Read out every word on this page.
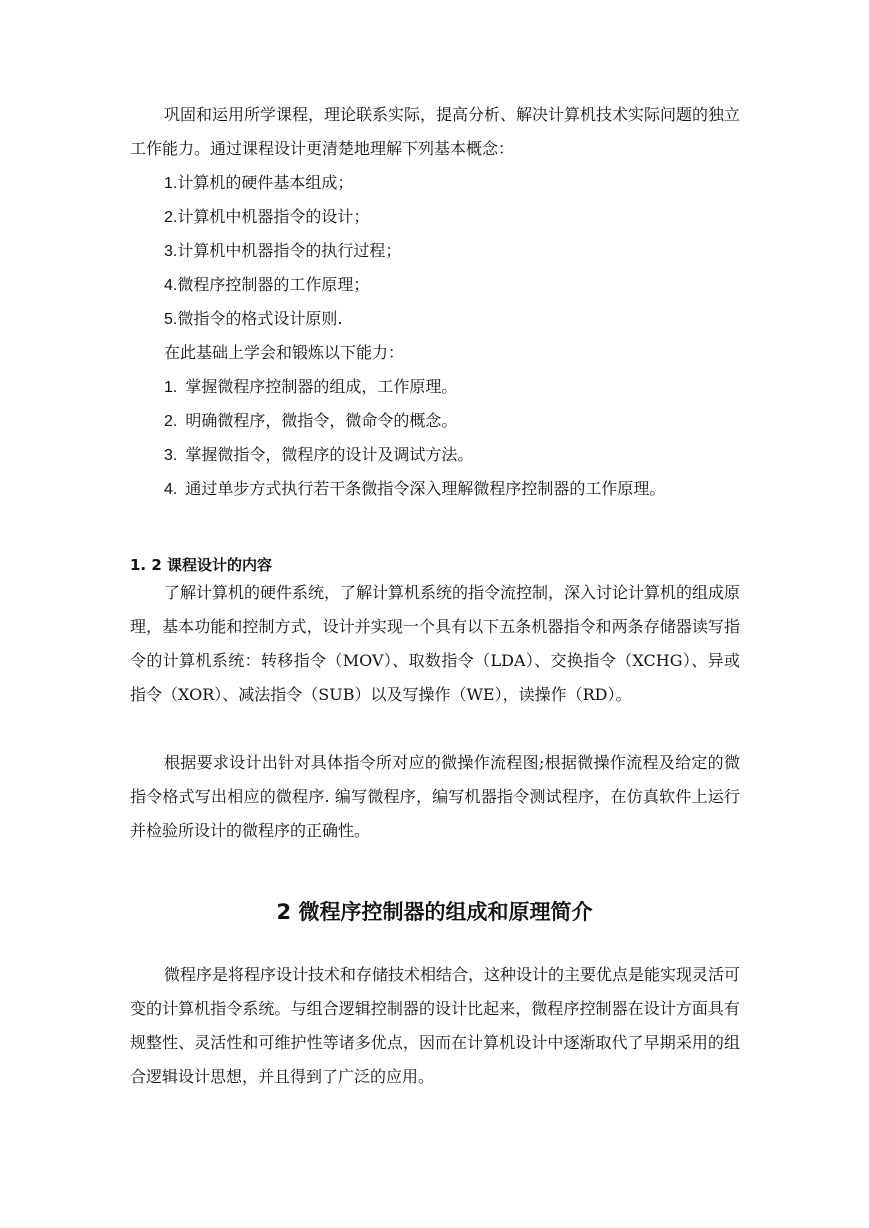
巩固和运用所学课程，理论联系实际，提高分析、解决计算机技术实际问题的独立工作能力。通过课程设计更清楚地理解下列基本概念：

1.计算机的硬件基本组成；

2.计算机中机器指令的设计；

3.计算机中机器指令的执行过程；

4.微程序控制器的工作原理；

5.微指令的格式设计原则.

在此基础上学会和锻炼以下能力：

1. 掌握微程序控制器的组成，工作原理。

2. 明确微程序，微指令，微命令的概念。

3. 掌握微指令，微程序的设计及调试方法。

4. 通过单步方式执行若干条微指令深入理解微程序控制器的工作原理。

1. 2 课程设计的内容

了解计算机的硬件系统，了解计算机系统的指令流控制，深入讨论计算机的组成原理，基本功能和控制方式，设计并实现一个具有以下五条机器指令和两条存储器读写指令的计算机系统：转移指令（MOV）、取数指令（LDA）、交换指令（XCHG）、异或指令（XOR）、减法指令（SUB）以及写操作（WE），读操作（RD）。

根据要求设计出针对具体指令所对应的微操作流程图;根据微操作流程及给定的微指令格式写出相应的微程序. 编写微程序，编写机器指令测试程序，在仿真软件上运行并检验所设计的微程序的正确性。

2 微程序控制器的组成和原理简介

微程序是将程序设计技术和存储技术相结合，这种设计的主要优点是能实现灵活可变的计算机指令系统。与组合逻辑控制器的设计比起来，微程序控制器在设计方面具有规整性、灵活性和可维护性等诸多优点，因而在计算机设计中逐渐取代了早期采用的组合逻辑设计思想，并且得到了广泛的应用。
